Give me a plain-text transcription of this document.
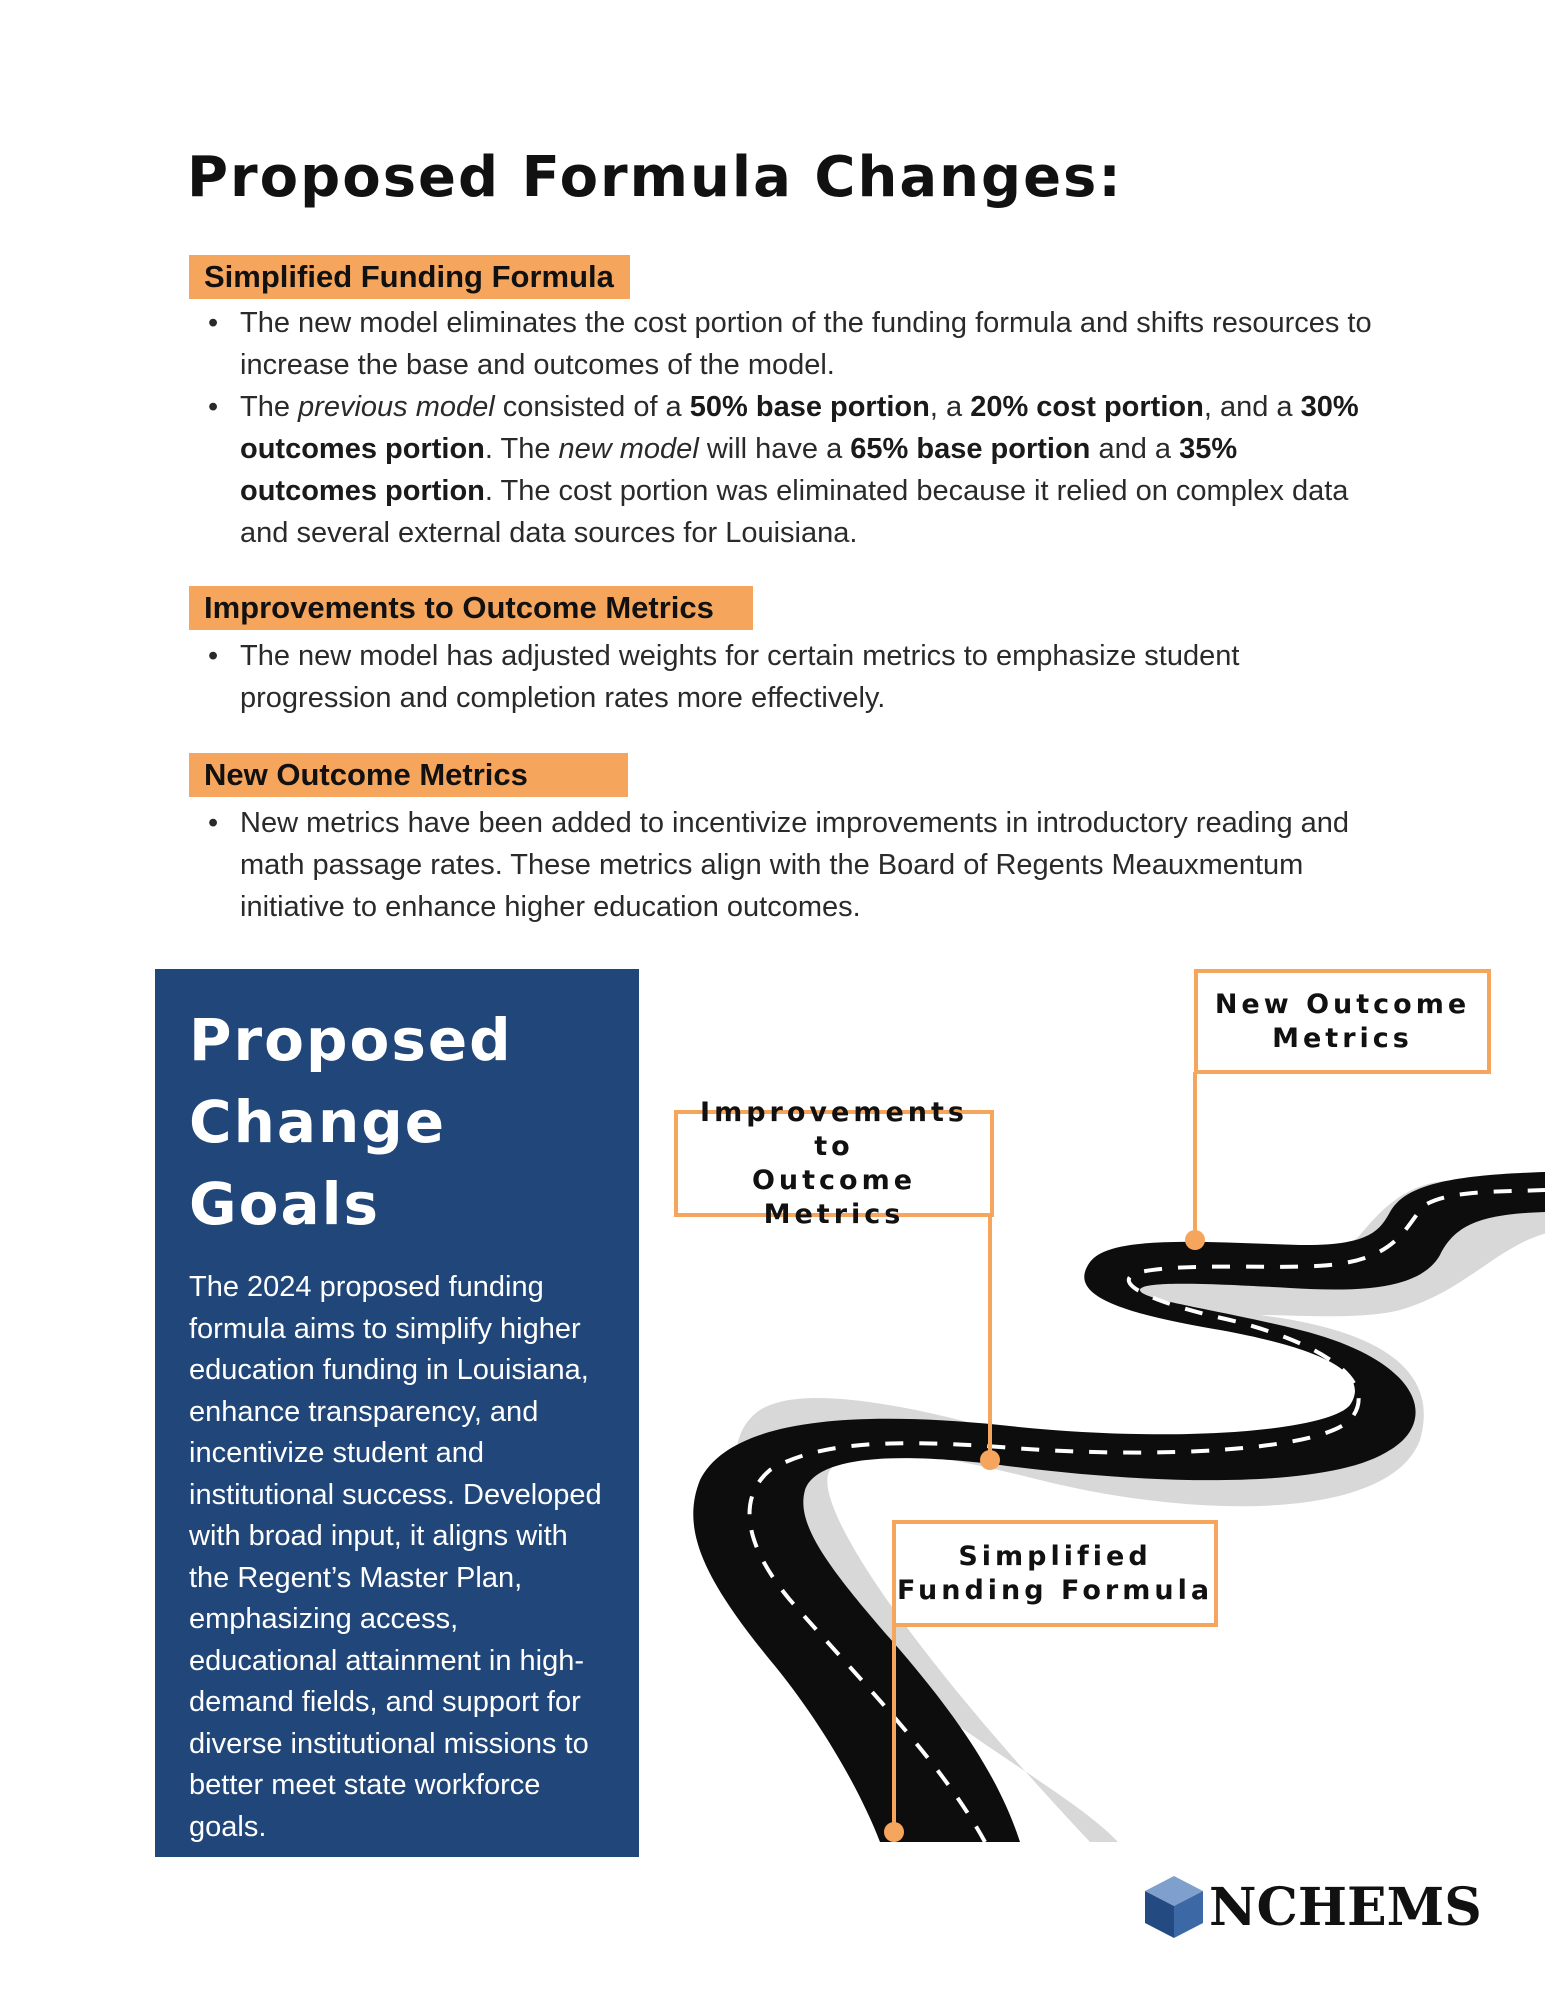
Proposed Formula Changes:
Simplified Funding Formula
• The new model eliminates the cost portion of the funding formula and shifts resources to increase the base and outcomes of the model.
• The previous model consisted of a 50% base portion, a 20% cost portion, and a 30% outcomes portion. The new model will have a 65% base portion and a 35% outcomes portion. The cost portion was eliminated because it relied on complex data and several external data sources for Louisiana.
Improvements to Outcome Metrics
• The new model has adjusted weights for certain metrics to emphasize student progression and completion rates more effectively.
New Outcome Metrics
• New metrics have been added to incentivize improvements in introductory reading and math passage rates. These metrics align with the Board of Regents Meauxmentum initiative to enhance higher education outcomes.
Proposed
Change Goals

The 2024 proposed funding formula aims to simplify higher education funding in Louisiana, enhance transparency, and incentivize student and institutional success. Developed with broad input, it aligns with the Regent’s Master Plan, emphasizing access, educational attainment in high-demand fields, and support for diverse institutional missions to better meet state workforce goals.

New Outcome
Metrics
Improvements to
Outcome Metrics
Simplified
Funding Formula
NCHEMS
